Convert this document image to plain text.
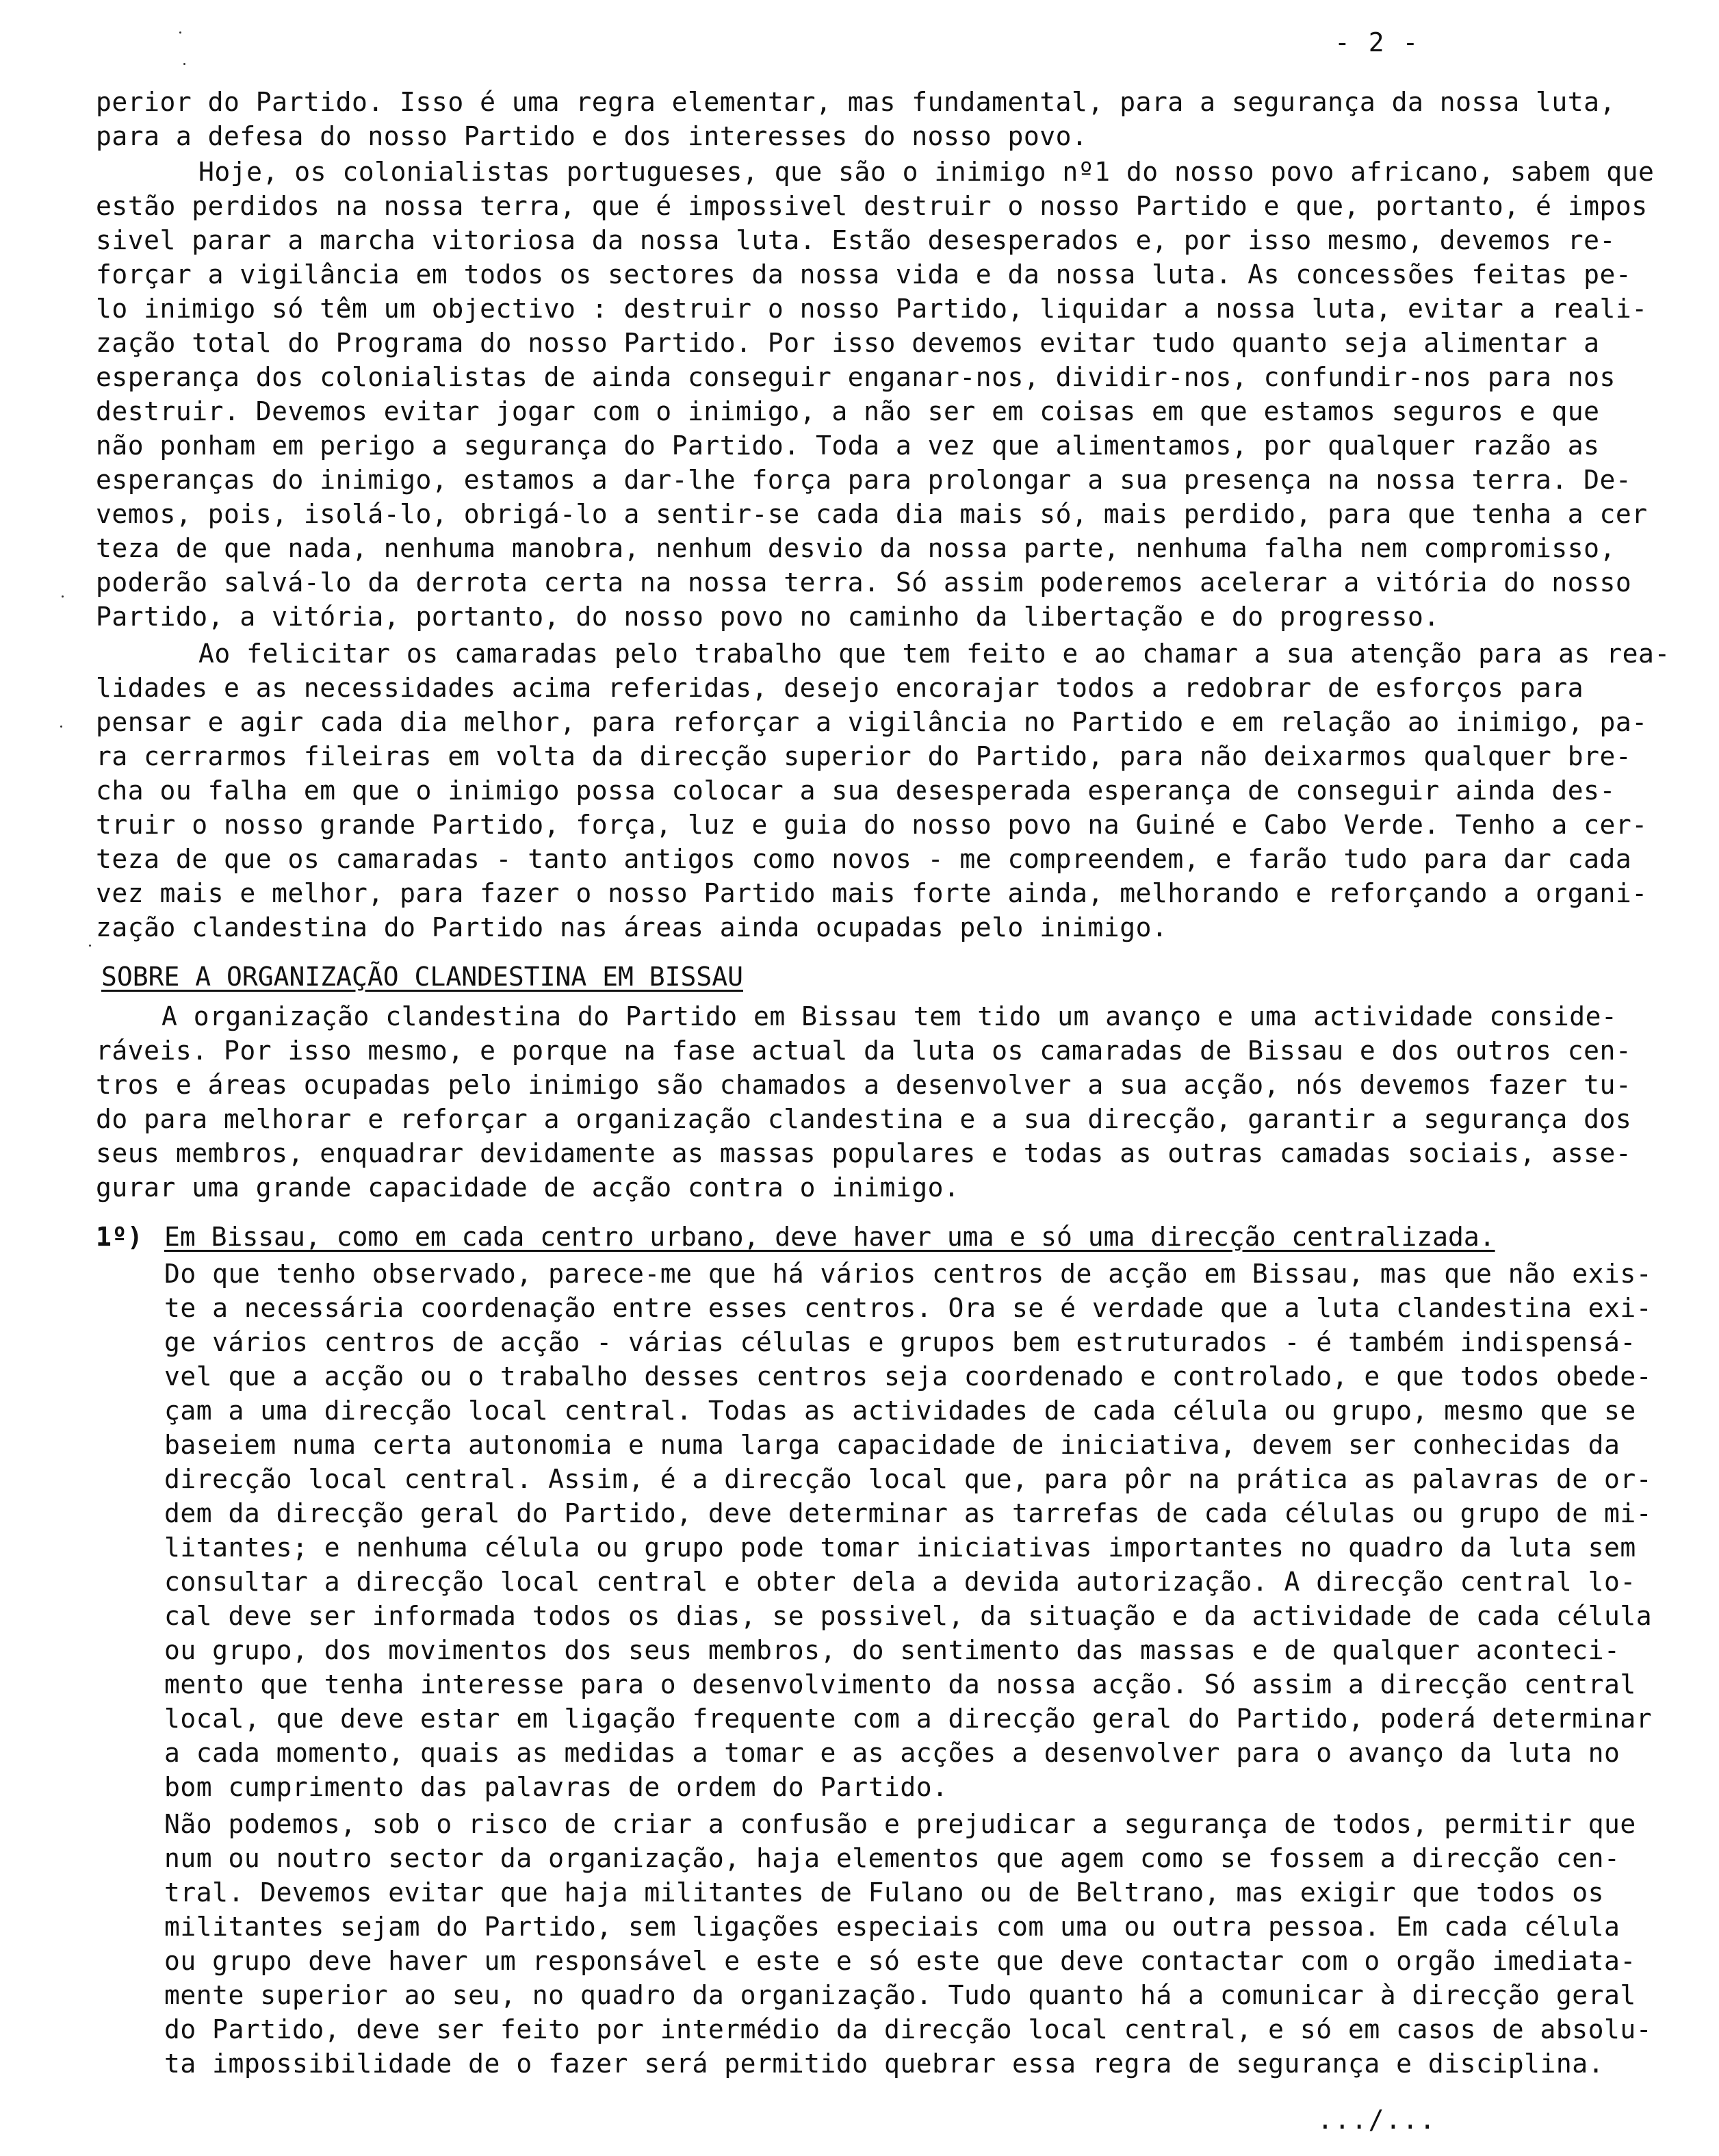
- 2 -
perior do Partido. Isso é uma regra elementar, mas fundamental, para a segurança da nossa luta,
para a defesa do nosso Partido e dos interesses do nosso povo.
Hoje, os colonialistas portugueses, que são o inimigo nº1 do nosso povo africano, sabem que
estão perdidos na nossa terra, que é impossivel destruir o nosso Partido e que, portanto, é impos
sivel parar a marcha vitoriosa da nossa luta. Estão desesperados e, por isso mesmo, devemos re-
forçar a vigilância em todos os sectores da nossa vida e da nossa luta. As concessões feitas pe-
lo inimigo só têm um objectivo : destruir o nosso Partido, liquidar a nossa luta, evitar a reali-
zação total do Programa do nosso Partido. Por isso devemos evitar tudo quanto seja alimentar a
esperança dos colonialistas de ainda conseguir enganar-nos, dividir-nos, confundir-nos para nos
destruir. Devemos evitar jogar com o inimigo, a não ser em coisas em que estamos seguros e que
não ponham em perigo a segurança do Partido. Toda a vez que alimentamos, por qualquer razão as
esperanças do inimigo, estamos a dar-lhe força para prolongar a sua presença na nossa terra. De-
vemos, pois, isolá-lo, obrigá-lo a sentir-se cada dia mais só, mais perdido, para que tenha a cer
teza de que nada, nenhuma manobra, nenhum desvio da nossa parte, nenhuma falha nem compromisso,
poderão salvá-lo da derrota certa na nossa terra. Só assim poderemos acelerar a vitória do nosso
Partido, a vitória, portanto, do nosso povo no caminho da libertação e do progresso.
Ao felicitar os camaradas pelo trabalho que tem feito e ao chamar a sua atenção para as rea-
lidades e as necessidades acima referidas, desejo encorajar todos a redobrar de esforços para
pensar e agir cada dia melhor, para reforçar a vigilância no Partido e em relação ao inimigo, pa-
ra cerrarmos fileiras em volta da direcção superior do Partido, para não deixarmos qualquer bre-
cha ou falha em que o inimigo possa colocar a sua desesperada esperança de conseguir ainda des-
truir o nosso grande Partido, força, luz e guia do nosso povo na Guiné e Cabo Verde. Tenho a cer-
teza de que os camaradas - tanto antigos como novos - me compreendem, e farão tudo para dar cada
vez mais e melhor, para fazer o nosso Partido mais forte ainda, melhorando e reforçando a organi-
zação clandestina do Partido nas áreas ainda ocupadas pelo inimigo.
SOBRE A ORGANIZAÇÃO CLANDESTINA EM BISSAU
A organização clandestina do Partido em Bissau tem tido um avanço e uma actividade conside-
ráveis. Por isso mesmo, e porque na fase actual da luta os camaradas de Bissau e dos outros cen-
tros e áreas ocupadas pelo inimigo são chamados a desenvolver a sua acção, nós devemos fazer tu-
do para melhorar e reforçar a organização clandestina e a sua direcção, garantir a segurança dos
seus membros, enquadrar devidamente as massas populares e todas as outras camadas sociais, asse-
gurar uma grande capacidade de acção contra o inimigo.
1º) Em Bissau, como em cada centro urbano, deve haver uma e só uma direcção centralizada.
Do que tenho observado, parece-me que há vários centros de acção em Bissau, mas que não exis-
te a necessária coordenação entre esses centros. Ora se é verdade que a luta clandestina exi-
ge vários centros de acção - várias células e grupos bem estruturados - é também indispensá-
vel que a acção ou o trabalho desses centros seja coordenado e controlado, e que todos obede-
çam a uma direcção local central. Todas as actividades de cada célula ou grupo, mesmo que se
baseiem numa certa autonomia e numa larga capacidade de iniciativa, devem ser conhecidas da
direcção local central. Assim, é a direcção local que, para pôr na prática as palavras de or-
dem da direcção geral do Partido, deve determinar as tarrefas de cada células ou grupo de mi-
litantes; e nenhuma célula ou grupo pode tomar iniciativas importantes no quadro da luta sem
consultar a direcção local central e obter dela a devida autorização. A direcção central lo-
cal deve ser informada todos os dias, se possivel, da situação e da actividade de cada célula
ou grupo, dos movimentos dos seus membros, do sentimento das massas e de qualquer aconteci-
mento que tenha interesse para o desenvolvimento da nossa acção. Só assim a direcção central
local, que deve estar em ligação frequente com a direcção geral do Partido, poderá determinar
a cada momento, quais as medidas a tomar e as acções a desenvolver para o avanço da luta no
bom cumprimento das palavras de ordem do Partido.
Não podemos, sob o risco de criar a confusão e prejudicar a segurança de todos, permitir que
num ou noutro sector da organização, haja elementos que agem como se fossem a direcção cen-
tral. Devemos evitar que haja militantes de Fulano ou de Beltrano, mas exigir que todos os
militantes sejam do Partido, sem ligações especiais com uma ou outra pessoa. Em cada célula
ou grupo deve haver um responsável e este e só este que deve contactar com o orgão imediata-
mente superior ao seu, no quadro da organização. Tudo quanto há a comunicar à direcção geral
do Partido, deve ser feito por intermédio da direcção local central, e só em casos de absolu-
ta impossibilidade de o fazer será permitido quebrar essa regra de segurança e disciplina.
.../...
